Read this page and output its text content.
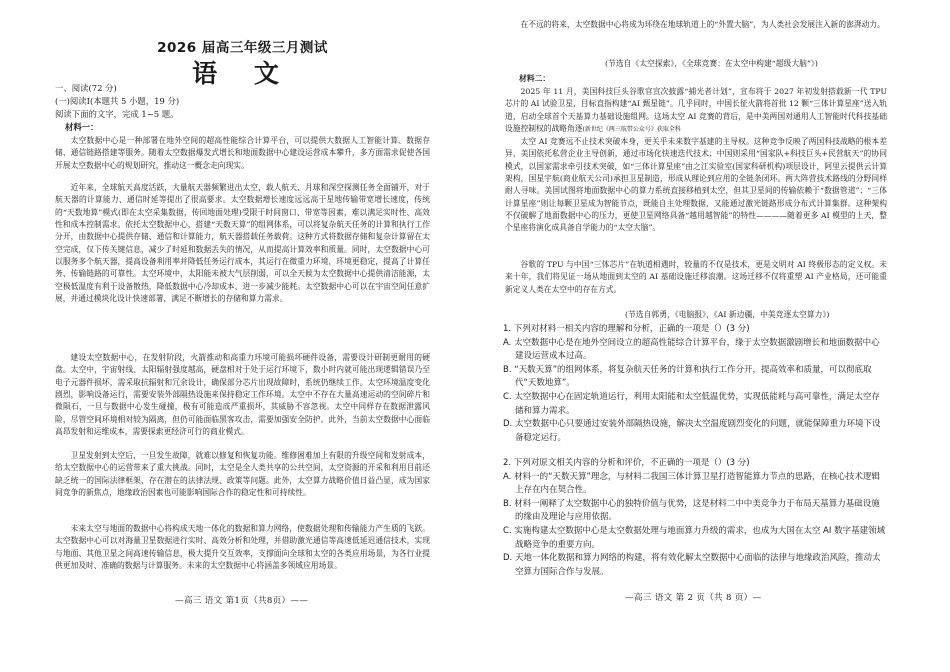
2026 届高三年级三月测试
语 文
一、阅读(72 分)
(一)阅读Ⅰ(本题共 5 小题，19 分)
阅读下面的文字，完成 1~5 题。
材料一：

太空数据中心是一种部署在地外空间的超高性能综合计算平台，可以提供大数据人工智能计算、数据存储、通信链路搭建等服务。随着太空数据爆发式增长和地面数据中心建设运营成本攀升，多方面需求促使各国开展太空数据中心的规划研究，推动这一概念走向现实。

近年来，全球航天高度活跃，大量航天器频繁进出太空，载人航天、月球和深空探测任务全面铺开，对于航天器的计算能力、通信时延等提出了很高要求。太空数据增长速度远远高于星地传输带宽增长速度，传统的“天数地算”模式(即在太空采集数据，传回地面处理)受限于时间窗口、带宽等因素，难以满足实时性、高效性和成本控制需求。依托太空数据中心，搭建“天数天算”的组网体系，可以将复杂航天任务的计算和执行工作分开，由数据中心提供存储、通信和计算能力，航天器搭载任务载荷。这种方式将数据存储和复杂计算留在太空完成，仅下传关键信息，减少了时延和数据丢失的情况，从而提高计算效率和质量。同时，太空数据中心可以服务多个航天器，提高设备利用率并降低任务运行成本，其运行在微重力环境，环境更稳定，提高了计算任务、传输链路的可靠性。太空环境中，太阳能未被大气层削弱，可以全天候为太空数据中心提供清洁能源，太空极低温度有利于设备散热，降低数据中心冷却成本，进一步减少能耗。太空数据中心可以在宇宙空间任意扩展，并通过模块化设计快速部署，满足不断增长的存储和算力需求。

建设太空数据中心，在发射阶段，火箭推动和高重力环境可能损坏硬件设备，需要设计研制更耐用的硬盘。太空中，宇宙射线、太阳辐射强度越高，硬盘相对于处于运行环境下，数小时内就可能出现逻辑错误乃至电子元器件损坏，需采取抗辐射和冗余设计，确保部分芯片出现故障时，系统仍继续工作。太空环境温度变化剧烈，影响设备运行，需要安装外部隔热设施来保持稳定工作环境。太空中不存在大量高速运动的空间碎片和微陨石，一旦与数据中心发生碰撞，极有可能造成严重损坏，其威胁不容忽视。太空中同样存在数据泄露风险，尽管空间环境相对较为隔离，但仍可能面临黑客攻击，需要加强安全防护。此外，当前太空数据中心面临高昂发射和运维成本，需要探索更经济可行的商业模式。

卫星发射到太空后，一旦发生故障，就难以修复和恢复功能。维修困难加上有限的升级空间和发射成本，给太空数据中心的运营带来了重大挑战。同时，太空是全人类共享的公共空间，太空资源的开采和利用目前还缺乏统一的国际法律框架，存在潜在的法律法规、政策等问题。此外，太空算力战略价值日益凸显，成为国家间竞争的新焦点，地缘政治因素也可能影响国际合作的稳定性和可持续性。

未来太空与地面的数据中心将构成天地一体化的数据和算力网络，使数据处理和传输能力产生质的飞跃。太空数据中心可以对海量卫星数据进行实时、高效分析和处理，并借助激光通信等高速低延迟通信技术，实现与地面、其他卫星之间高速传输信息，极大提升交互效率，支撑面向全球和太空的各类应用场景，为各行业提供更加及时、准确的数据与计算服务。未来的太空数据中心将涵盖多领域应用场景。

—高三 语文 第1页（共8页）——

在不远的将来，太空数据中心将成为环绕在地球轨道上的“外置大脑”，为人类社会发展注入新的澎湃动力。

(节选自《太空探索》，《全球竞赛：在太空中构建“超级大脑”》)
材料二：

2025 年 11 月，美国科技巨头谷歌官宣次披露“捕光者计划”，宣布将于 2027 年初发射搭载新一代 TPU 芯片的 AI 试验卫星，目标直指构建“AI 甄星链”。几乎同时，中国长征火箭将首批 12 颗“三体计算星座”送入轨道，启动全球首个天基算力基础设施组网。这场太空 AI 竞赛的背后，是中美两国对通用人工智能时代科技基础设施控制权的战略角逐(新世纪《两三航带公众号》获取全科

太空 AI 竞赛远不止技术突破本身，更关乎未来数字基建的主导权。这种竞争反映了两国科技战略的根本差异，美国依托私营企业主导创新，通过市场化快速迭代技术；中国则采用“国家队+科技巨头+民营航天”的协同模式，以国家需求牵引技术突破，如“三体计算星座”由之江实验室(国家科研机构)项层设计，阿里云提供云计算架构，国星宇航(商业航天公司)承担卫星制造，形成从理论到应用的全链条闭环。两大阵营技术路线的分野同样耐人寻味。美国试图将地面数据中心的算力系统直接移植到太空，但其卫星间的传输依赖于“数据管道”；“三体计算星座”则让每颗卫星成为智能节点，既能自主处理数据，又能通过激光链路形成分布式计算集群。这种架构不仅破解了地面数据中心的压力，更使卫星网络具备“越用越智能”的特性————随着更多 AI 模型的上天，整个星座将演化成具备自学能力的“太空大脑”。

谷歌的 TPU 与中国“三体芯片”在轨道相遇时，较量的不仅是技术，更是文明对 AI 终极形态的定义权。未来十年，我们将见证一场从地面到太空的 AI 基础设施迁移浪潮。这场迁移不仅将重塑 AI 产业格局，还可能重新定义人类在太空中的存在方式。

(节选自郭勇，《电脑报》，《AI 新边疆，中美竞逐太空算力》)

1. 下列对材料一相关内容的理解和分析，正确的一项是（）(3 分)

A. 太空数据中心是在地外空间设立的超高性能综合计算平台，缘于太空数据激剧增长和地面数据中心建设运营成本过高。

B. “天数天算”的组网体系，将复杂航天任务的计算和执行工作分开，提高效率和质量，可以彻底取代“天数地算”。

C. 太空数据中心在固定轨道运行，利用太阳能和太空低温优势，实现低能耗与高可靠性，满足太空存储和算力需求。

D. 太空数据中心只要通过安装外部隔热设施，解决太空温度剧烈变化的问题，就能保障重力环境下设备稳定运行。

2. 下列对原文相关内容的分析和评价，不正确的一项是（）(3 分)

A. 材料一的“天数天算”理念，与材料二我国三体计算卫星打造智能算力节点的思路，在核心技术逻辑上存在内在契合性。

B. 材料一阐释了太空数据中心的独特价值与优势，这是材料二中中美竞争力于布局天基算力基础设施的缘由及理论与应用依据。

C. 实施构建太空数据中心是太空数据处理与地面算力升级的需求，也成为大国在太空 AI 数字基建领域战略竞争的重要方向。

D. 天地一体化数据和算力网络的构建，将有效化解太空数据中心面临的法律与地缘政治风险，推动太空算力国际合作与发展。

—高三 语文 第 2 页（共 8 页）—
